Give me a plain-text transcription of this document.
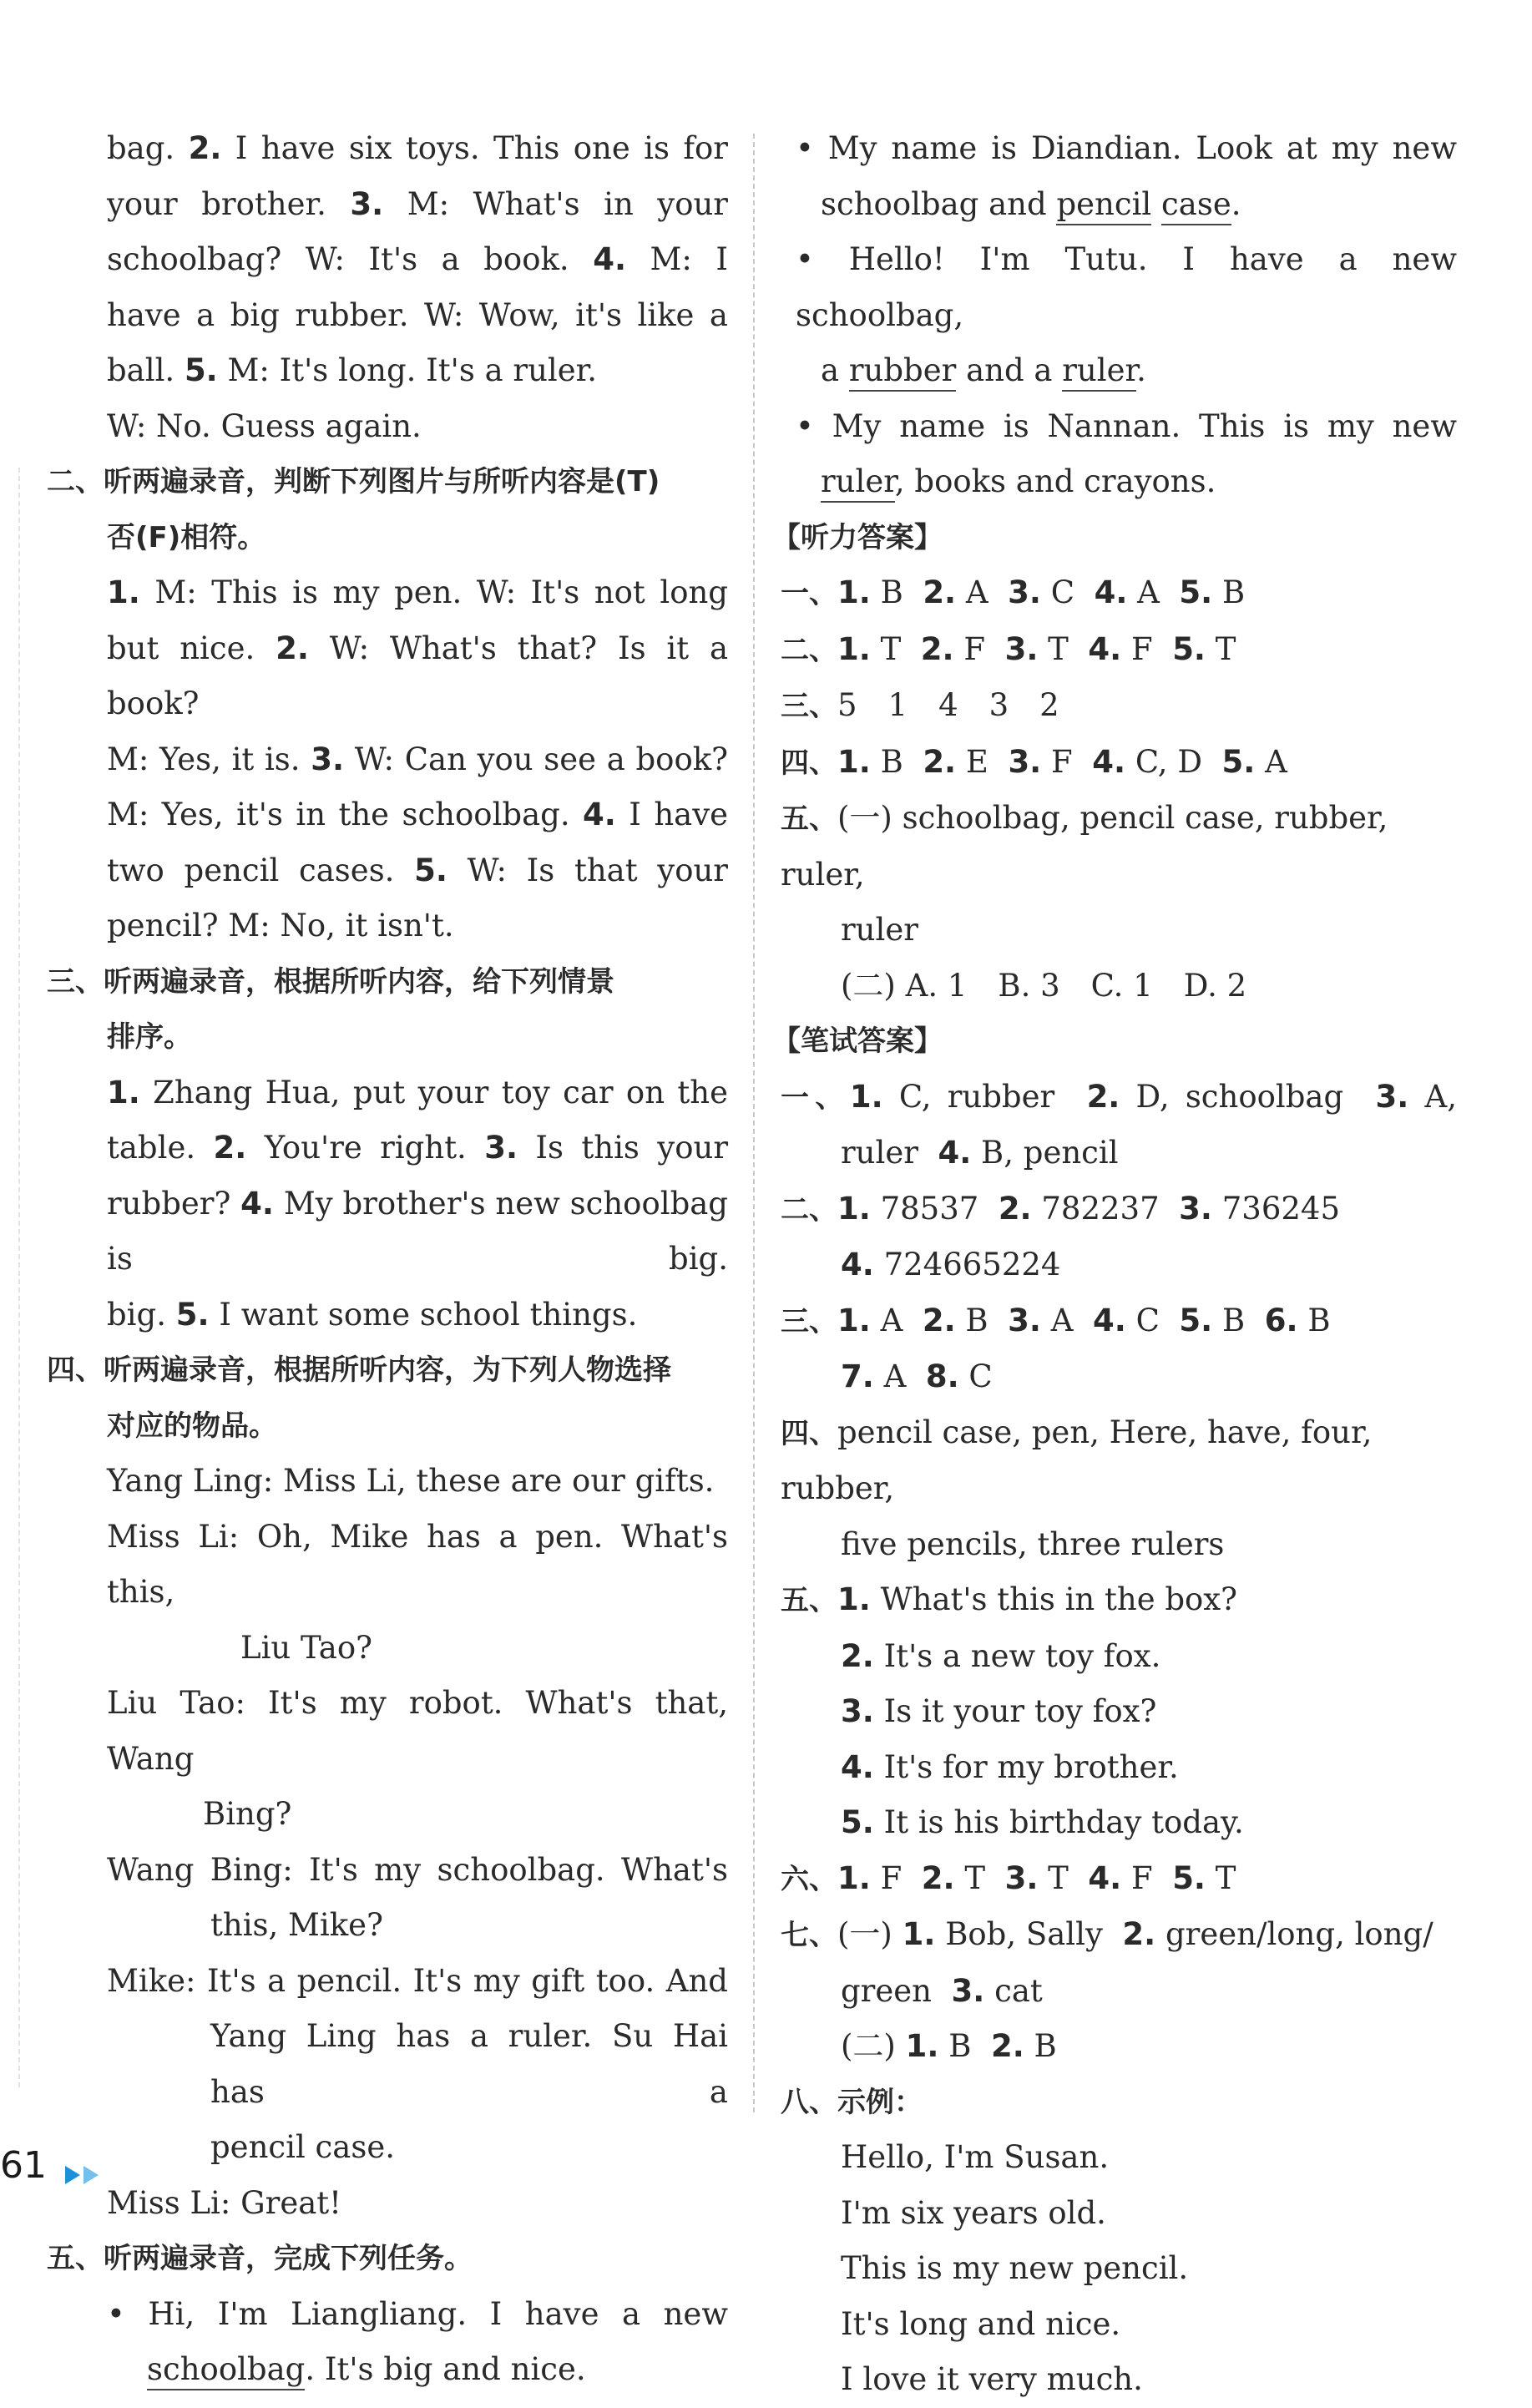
bag. 2. I have six toys. This one is for

your brother. 3. M: What's in your

schoolbag? W: It's a book. 4. M: I

have a big rubber. W: Wow, it's like a

ball. 5. M: It's long. It's a ruler.

W: No. Guess again.

二、听两遍录音，判断下列图片与所听内容是(T)

否(F)相符。

1. M: This is my pen. W: It's not long

but nice. 2. W: What's that? Is it a book?

M: Yes, it is. 3. W: Can you see a book?

M: Yes, it's in the schoolbag. 4. I have

two pencil cases. 5. W: Is that your

pencil? M: No, it isn't.

三、听两遍录音，根据所听内容，给下列情景

排序。

1. Zhang Hua, put your toy car on the

table. 2. You're right. 3. Is this your

rubber? 4. My brother's new schoolbag is big.

big. 5. I want some school things.

四、听两遍录音，根据所听内容，为下列人物选择

对应的物品。

Yang Ling: Miss Li, these are our gifts.

Miss Li: Oh, Mike has a pen. What's this,

Liu Tao?

Liu Tao: It's my robot. What's that, Wang

Bing?

Wang Bing: It's my schoolbag. What's

this, Mike?

Mike: It's a pencil. It's my gift too. And

Yang Ling has a ruler. Su Hai has a

pencil case.

Miss Li: Great!

五、听两遍录音，完成下列任务。

• Hi, I'm Liangliang. I have a new

schoolbag. It's big and nice.

• My name is Diandian. Look at my new

schoolbag and pencil case.

• Hello! I'm Tutu. I have a new schoolbag,

a rubber and a ruler.

• My name is Nannan. This is my new

ruler, books and crayons.

【听力答案】

一、1. B 2. A 3. C 4. A 5. B

二、1. T 2. F 3. T 4. F 5. T

三、5　1　4　3　2

四、1. B 2. E 3. F 4. C, D 5. A

五、(一) schoolbag, pencil case, rubber, ruler,

ruler

(二) A. 1　B. 3　C. 1　D. 2

【笔试答案】

一、1. C, rubber 2. D, schoolbag 3. A,

ruler 4. B, pencil

二、1. 78537 2. 782237 3. 736245

4. 724665224

三、1. A 2. B 3. A 4. C 5. B 6. B

7. A 8. C

四、pencil case, pen, Here, have, four, rubber,

five pencils, three rulers

五、1. What's this in the box?

2. It's a new toy fox.

3. Is it your toy fox?

4. It's for my brother.

5. It is his birthday today.

六、1. F 2. T 3. T 4. F 5. T

七、(一) 1. Bob, Sally 2. green/long, long/

green 3. cat

(二) 1. B 2. B

八、示例：

Hello, I'm Susan.

I'm six years old.

This is my new pencil.

It's long and nice.

I love it very much.

61
